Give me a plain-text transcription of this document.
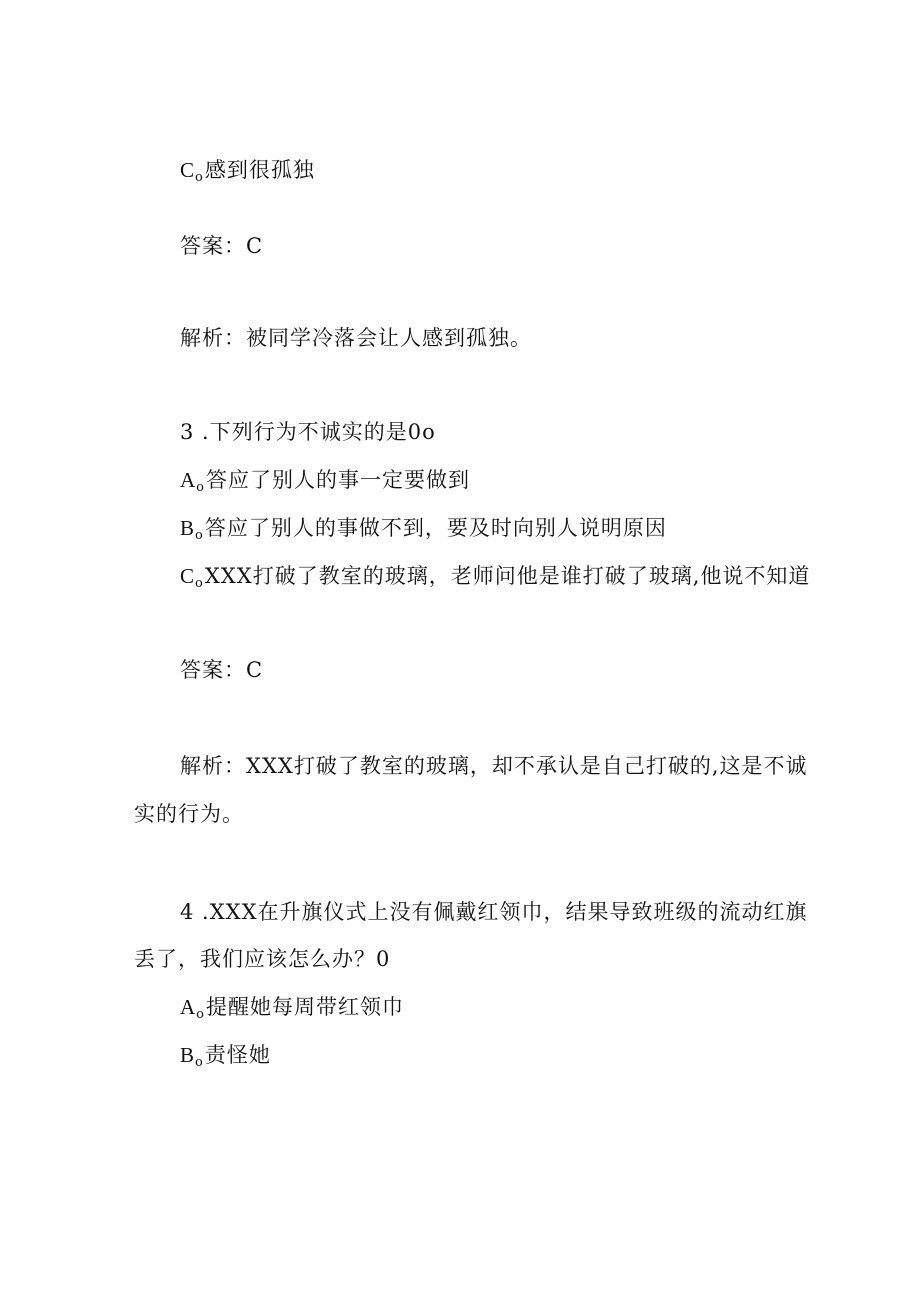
Co感到很孤独
答案：C
解析：被同学冷落会让人感到孤独。
3 .下列行为不诚实的是0o
Ao答应了别人的事一定要做到
Bo答应了别人的事做不到，要及时向别人说明原因
CoXXX打破了教室的玻璃，老师问他是谁打破了玻璃,他说不知道
答案：C
解析：XXX打破了教室的玻璃，却不承认是自己打破的,这是不诚
实的行为。
4 .XXX在升旗仪式上没有佩戴红领巾，结果导致班级的流动红旗
丢了，我们应该怎么办？0
Ao提醒她每周带红领巾
Bo责怪她
